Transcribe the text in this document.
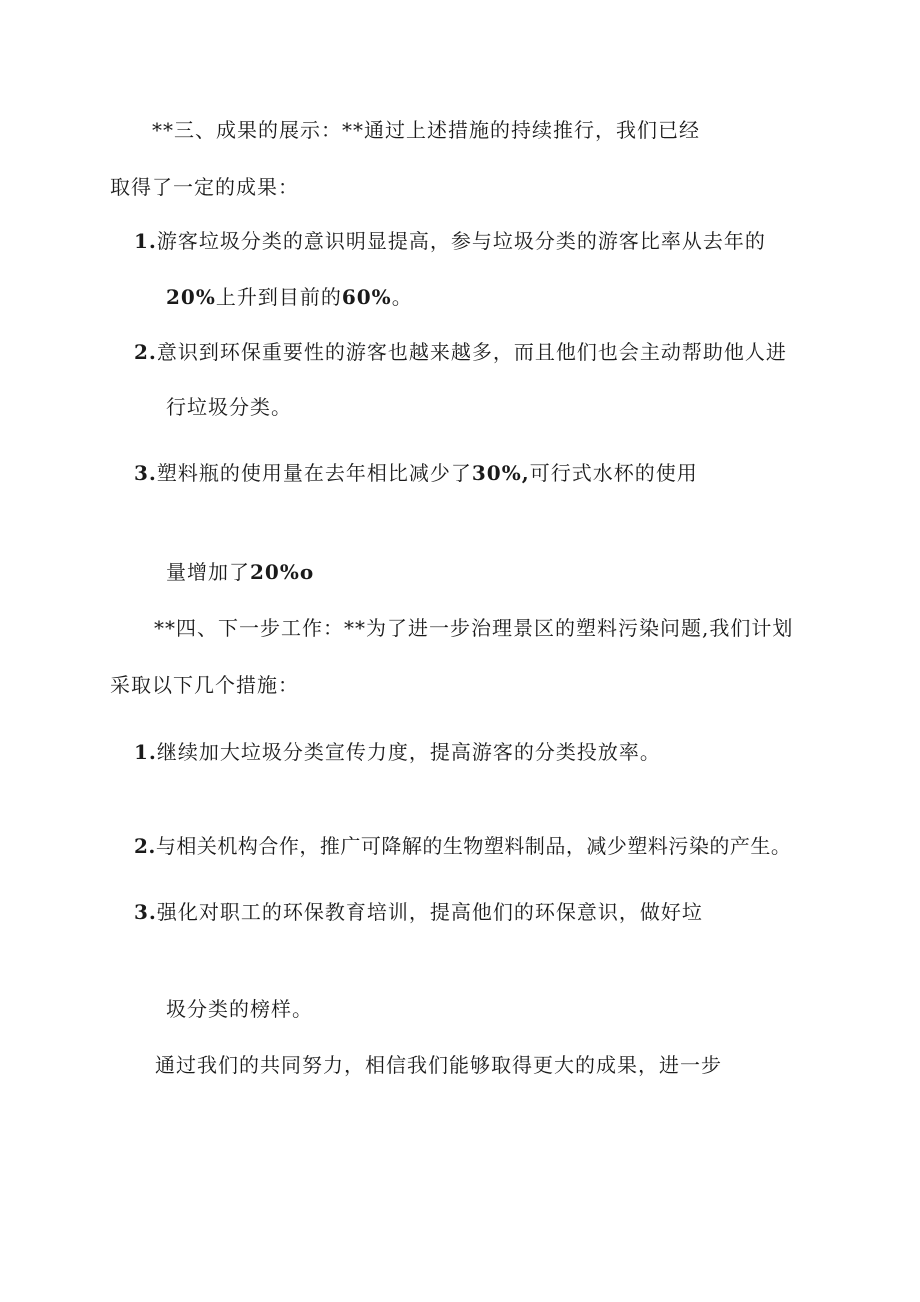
**三、成果的展示：**通过上述措施的持续推行，我们已经
取得了一定的成果：
1.游客垃圾分类的意识明显提高，参与垃圾分类的游客比率从去年的
20%上升到目前的60%。
2.意识到环保重要性的游客也越来越多，而且他们也会主动帮助他人进
行垃圾分类。
3.塑料瓶的使用量在去年相比减少了30%,可行式水杯的使用
量增加了20%o
**四、下一步工作：**为了进一步治理景区的塑料污染问题,我们计划
采取以下几个措施：
1.继续加大垃圾分类宣传力度，提高游客的分类投放率。
2.与相关机构合作，推广可降解的生物塑料制品，减少塑料污染的产生。
3.强化对职工的环保教育培训，提高他们的环保意识，做好垃
圾分类的榜样。
通过我们的共同努力，相信我们能够取得更大的成果，进一步
